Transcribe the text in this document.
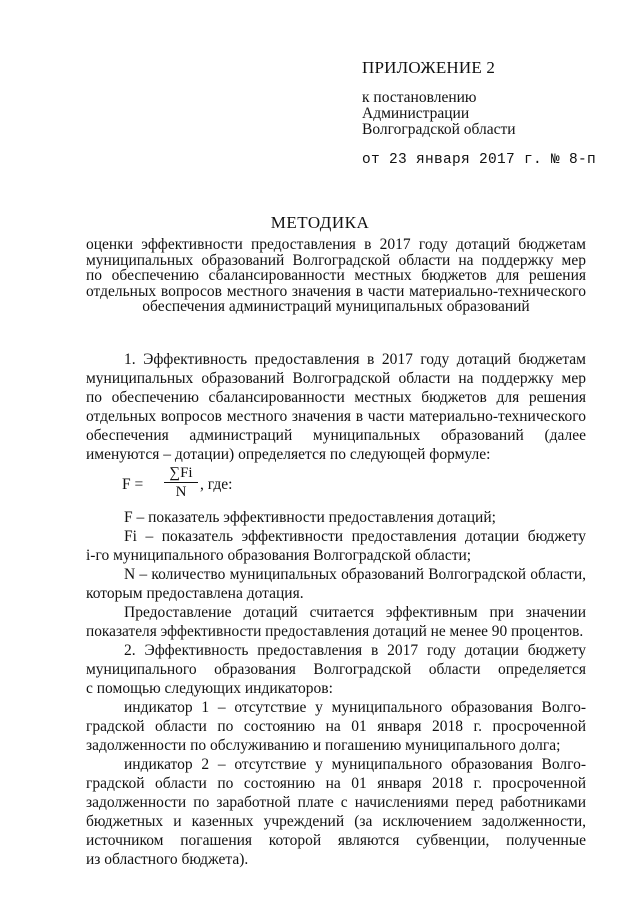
ПРИЛОЖЕНИЕ 2
к постановлению
Администрации
Волгоградской области
от 23 января 2017 г. № 8-п
МЕТОДИКА
оценки эффективности предоставления в 2017 году дотаций бюджетам
муниципальных образований Волгоградской области на поддержку мер
по обеспечению сбалансированности местных бюджетов для решения
отдельных вопросов местного значения в части материально-технического
обеспечения администраций муниципальных образований
1. Эффективность предоставления в 2017 году дотаций бюджетам
муниципальных образований Волгоградской области на поддержку мер
по обеспечению сбалансированности местных бюджетов для решения
отдельных вопросов местного значения в части материально-технического
обеспечения администраций муниципальных образований (далее
именуются – дотации) определяется по следующей формуле:
$F = \frac{\sum Fi}{N}$ , где:
F – показатель эффективности предоставления дотаций;
Fi – показатель эффективности предоставления дотации бюджету
i-го муниципального образования Волгоградской области;
N – количество муниципальных образований Волгоградской области,
которым предоставлена дотация.
Предоставление дотаций считается эффективным при значении
показателя эффективности предоставления дотаций не менее 90 процентов.
2. Эффективность предоставления в 2017 году дотации бюджету
муниципального образования Волгоградской области определяется
с помощью следующих индикаторов:
индикатор 1 – отсутствие у муниципального образования Волго-
градской области по состоянию на 01 января 2018 г. просроченной
задолженности по обслуживанию и погашению муниципального долга;
индикатор 2 – отсутствие у муниципального образования Волго-
градской области по состоянию на 01 января 2018 г. просроченной
задолженности по заработной плате с начислениями перед работниками
бюджетных и казенных учреждений (за исключением задолженности,
источником погашения которой являются субвенции, полученные
из областного бюджета).
